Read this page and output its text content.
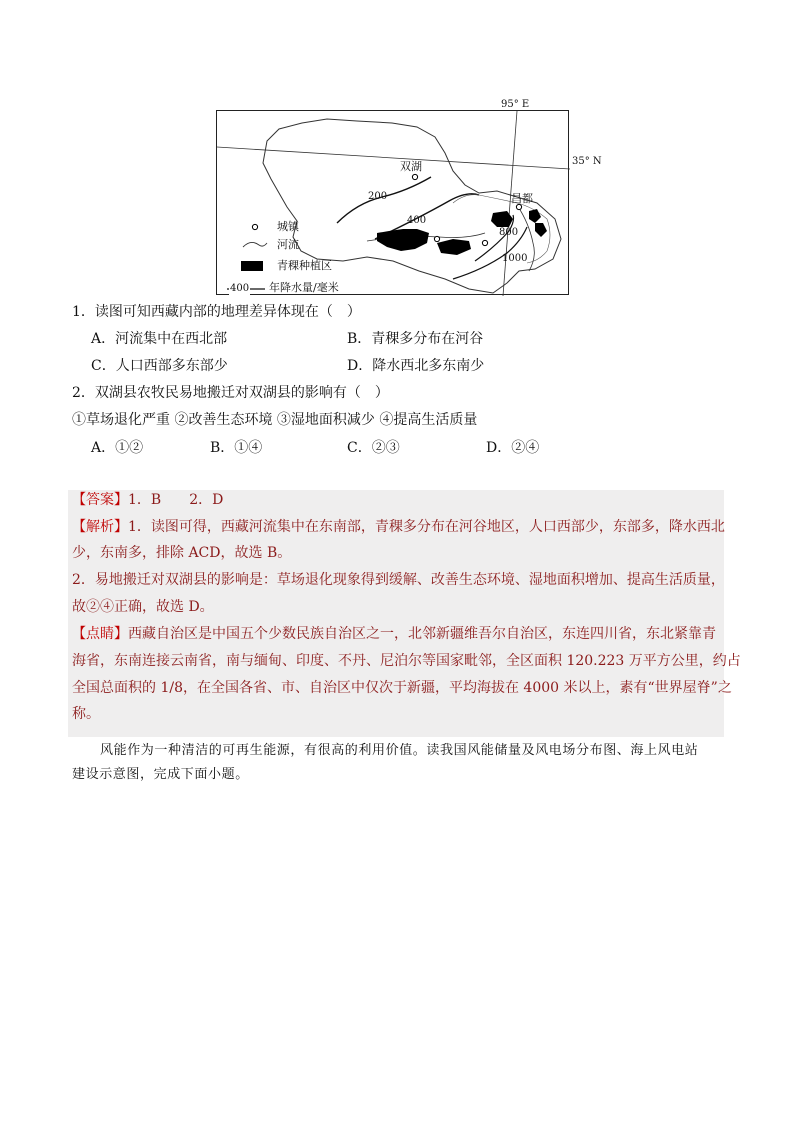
95° E
35° N
双湖
昌都
200
400
800
1000
城镇
河流
青稞种植区
400 年降水量/毫米
1．读图可知西藏内部的地理差异体现在（　）
A．河流集中在西北部	B．青稞多分布在河谷
C．人口西部多东部少	D．降水西北多东南少
2．双湖县农牧民易地搬迁对双湖县的影响有（　）
①草场退化严重 ②改善生态环境 ③湿地面积减少 ④提高生活质量
A．①②	B．①④	C．②③	D．②④
【答案】1．B　　2．D
【解析】1．读图可得，西藏河流集中在东南部，青稞多分布在河谷地区，人口西部少，东部多，降水西北
少，东南多，排除 ACD，故选 B。
2．易地搬迁对双湖县的影响是：草场退化现象得到缓解、改善生态环境、湿地面积增加、提高生活质量，
故②④正确，故选 D。
【点睛】西藏自治区是中国五个少数民族自治区之一，北邻新疆维吾尔自治区，东连四川省，东北紧靠青
海省，东南连接云南省，南与缅甸、印度、不丹、尼泊尔等国家毗邻，全区面积 120.223 万平方公里，约占
全国总面积的 1/8，在全国各省、市、自治区中仅次于新疆，平均海拔在 4000 米以上，素有“世界屋脊”之
称。
风能作为一种清洁的可再生能源，有很高的利用价值。读我国风能储量及风电场分布图、海上风电站
建设示意图，完成下面小题。
